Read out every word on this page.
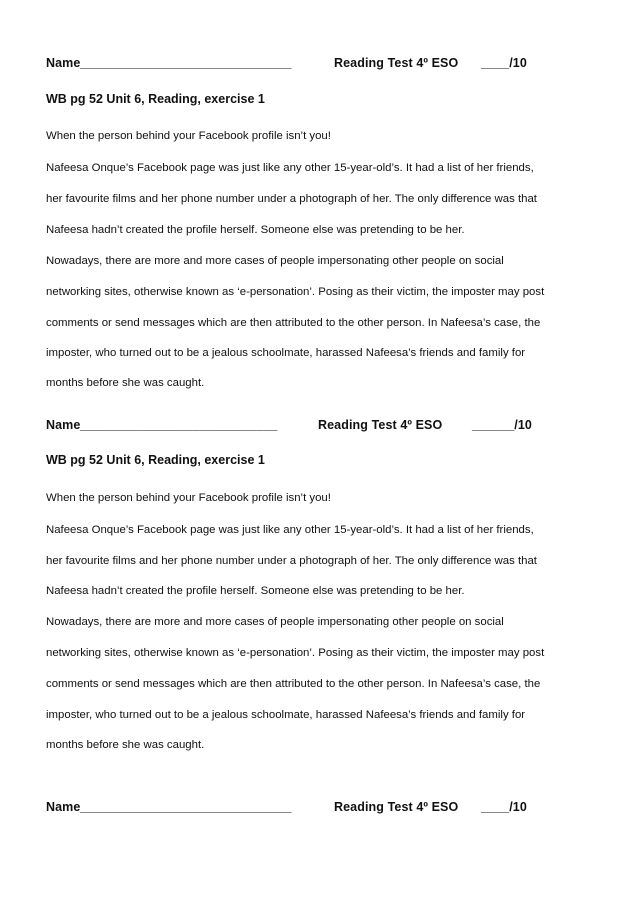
Name ______________________________	Reading Test 4º ESO ____/10
WB pg 52 Unit 6, Reading, exercise 1
When the person behind your Facebook profile isn’t you!
Nafeesa Onque’s Facebook page was just like any other 15-year-old’s. It had a list of her friends,
her favourite films and her phone number under a photograph of her. The only difference was that
Nafeesa hadn’t created the profile herself. Someone else was pretending to be her.
Nowadays, there are more and more cases of people impersonating other people on social
networking sites, otherwise known as ‘e-personation’. Posing as their victim, the imposter may post
comments or send messages which are then attributed to the other person. In Nafeesa’s case, the
imposter, who turned out to be a jealous schoolmate, harassed Nafeesa’s friends and family for
months before she was caught.
Name ____________________________	Reading Test 4º ESO ______/10
WB pg 52 Unit 6, Reading, exercise 1
When the person behind your Facebook profile isn’t you!
Nafeesa Onque’s Facebook page was just like any other 15-year-old’s. It had a list of her friends,
her favourite films and her phone number under a photograph of her. The only difference was that
Nafeesa hadn’t created the profile herself. Someone else was pretending to be her.
Nowadays, there are more and more cases of people impersonating other people on social
networking sites, otherwise known as ‘e-personation’. Posing as their victim, the imposter may post
comments or send messages which are then attributed to the other person. In Nafeesa’s case, the
imposter, who turned out to be a jealous schoolmate, harassed Nafeesa’s friends and family for
months before she was caught.
Name ______________________________	Reading Test 4º ESO ____/10
